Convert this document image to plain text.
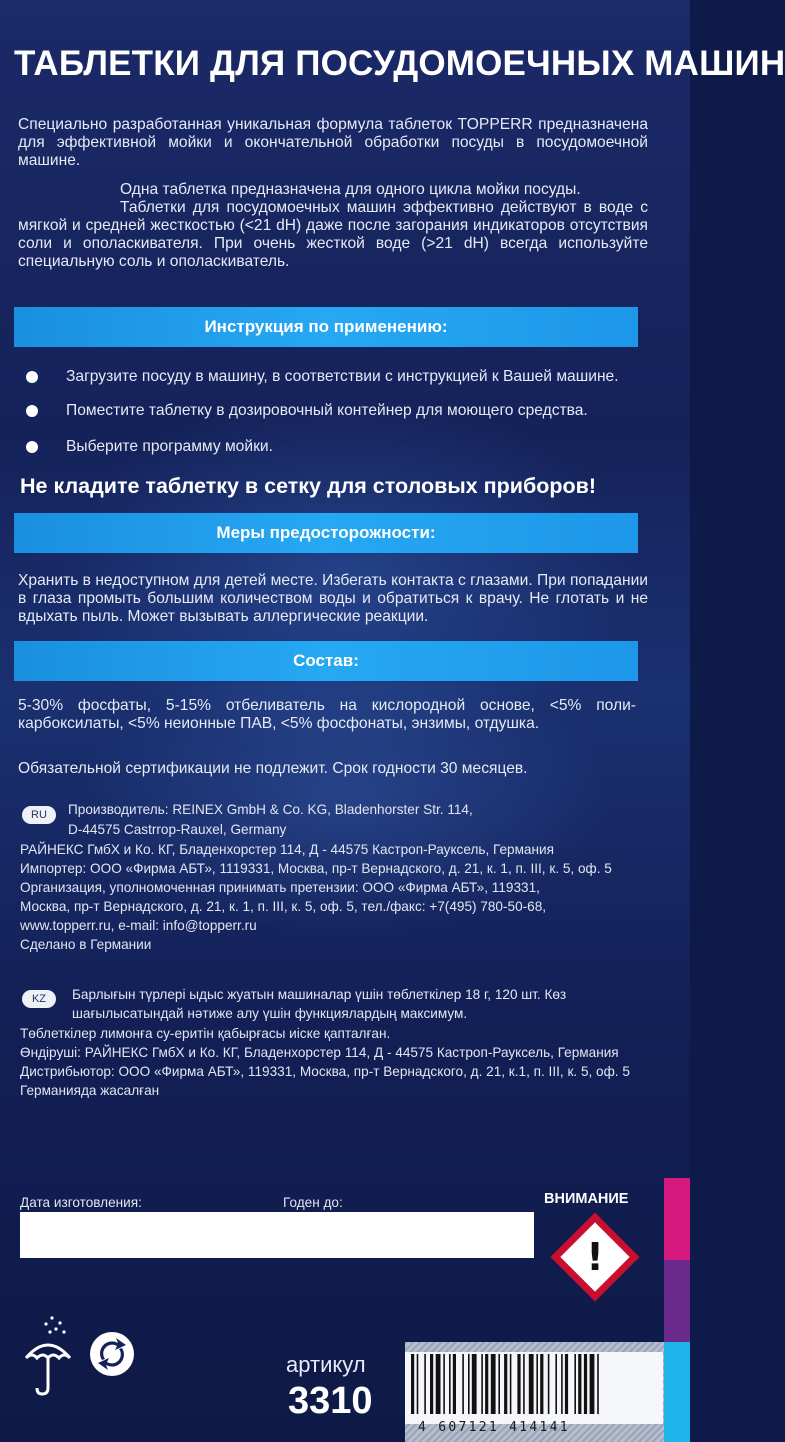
ТАБЛЕТКИ ДЛЯ ПОСУДОМОЕЧНЫХ МАШИН
Специально разработанная уникальная формула таблеток TOPPERR предназначена для эффективной мойки и окончательной обработки посуды в посудомоечной машине.
Одна таблетка предназначена для одного цикла мойки посуды.
Таблетки для посудомоечных машин эффективно действуют в воде с мягкой и средней жесткостью (<21 dH) даже после загорания индикаторов отсутствия соли и ополаскивателя. При очень жесткой воде (>21 dH) всегда используйте специальную соль и ополаскиватель.
Инструкция по применению:
Загрузите посуду в машину, в соответствии с инструкцией к Вашей машине.
Поместите таблетку в дозировочный контейнер для моющего средства.
Выберите программу мойки.
Не кладите таблетку в сетку для столовых приборов!
Меры предосторожности:
Хранить в недоступном для детей месте. Избегать контакта с глазами. При попадании в глаза промыть большим количеством воды и обратиться к врачу. Не глотать и не вдыхать пыль. Может вызывать аллергические реакции.
Состав:
5-30% фосфаты, 5-15% отбеливатель на кислородной основе, <5% поли-карбоксилаты, <5% неионные ПАВ, <5% фосфонаты, энзимы, отдушка.
Обязательной сертификации не подлежит. Срок годности 30 месяцев.
RU	Производитель: REINEX GmbH & Co. KG, Bladenhorster Str. 114,
D-44575 Castrrop-Rauxel, Germany
РАЙНЕКС ГмбХ и Ко. КГ, Бладенхорстер 114, Д - 44575 Кастроп-Рауксель, Германия
Импортер: ООО «Фирма АБТ», 1119331, Москва, пр-т Вернадского, д. 21, к. 1, п. III, к. 5, оф. 5
Организация, уполномоченная принимать претензии: ООО «Фирма АБТ», 119331,
Москва, пр-т Вернадского, д. 21, к. 1, п. III, к. 5, оф. 5, тел./факс: +7(495) 780-50-68,
www.topperr.ru, e-mail: info@topperr.ru
Сделано в Германии
KZ	Барлығын түрлері ыдыс жуатын машиналар үшін төблеткілер 18 г, 120 шт. Көз
шағылысатындай нәтиже алу үшін функциялардың максимум.
Төблеткілер лимонға су-еритін қабырғасы иіске қапталған.
Өндіруші: РАЙНЕКС ГмбХ и Ко. КГ, Бладенхорстер 114, Д - 44575 Кастроп-Рауксель, Германия
Дистрибьютор: ООО «Фирма АБТ», 119331, Москва, пр-т Вернадского, д. 21, к.1, п. III, к. 5, оф. 5
Германияда жасалған
Дата изготовления:	Годен до:	ВНИМАНИЕ
!
артикул
3310
4 607121 414141
